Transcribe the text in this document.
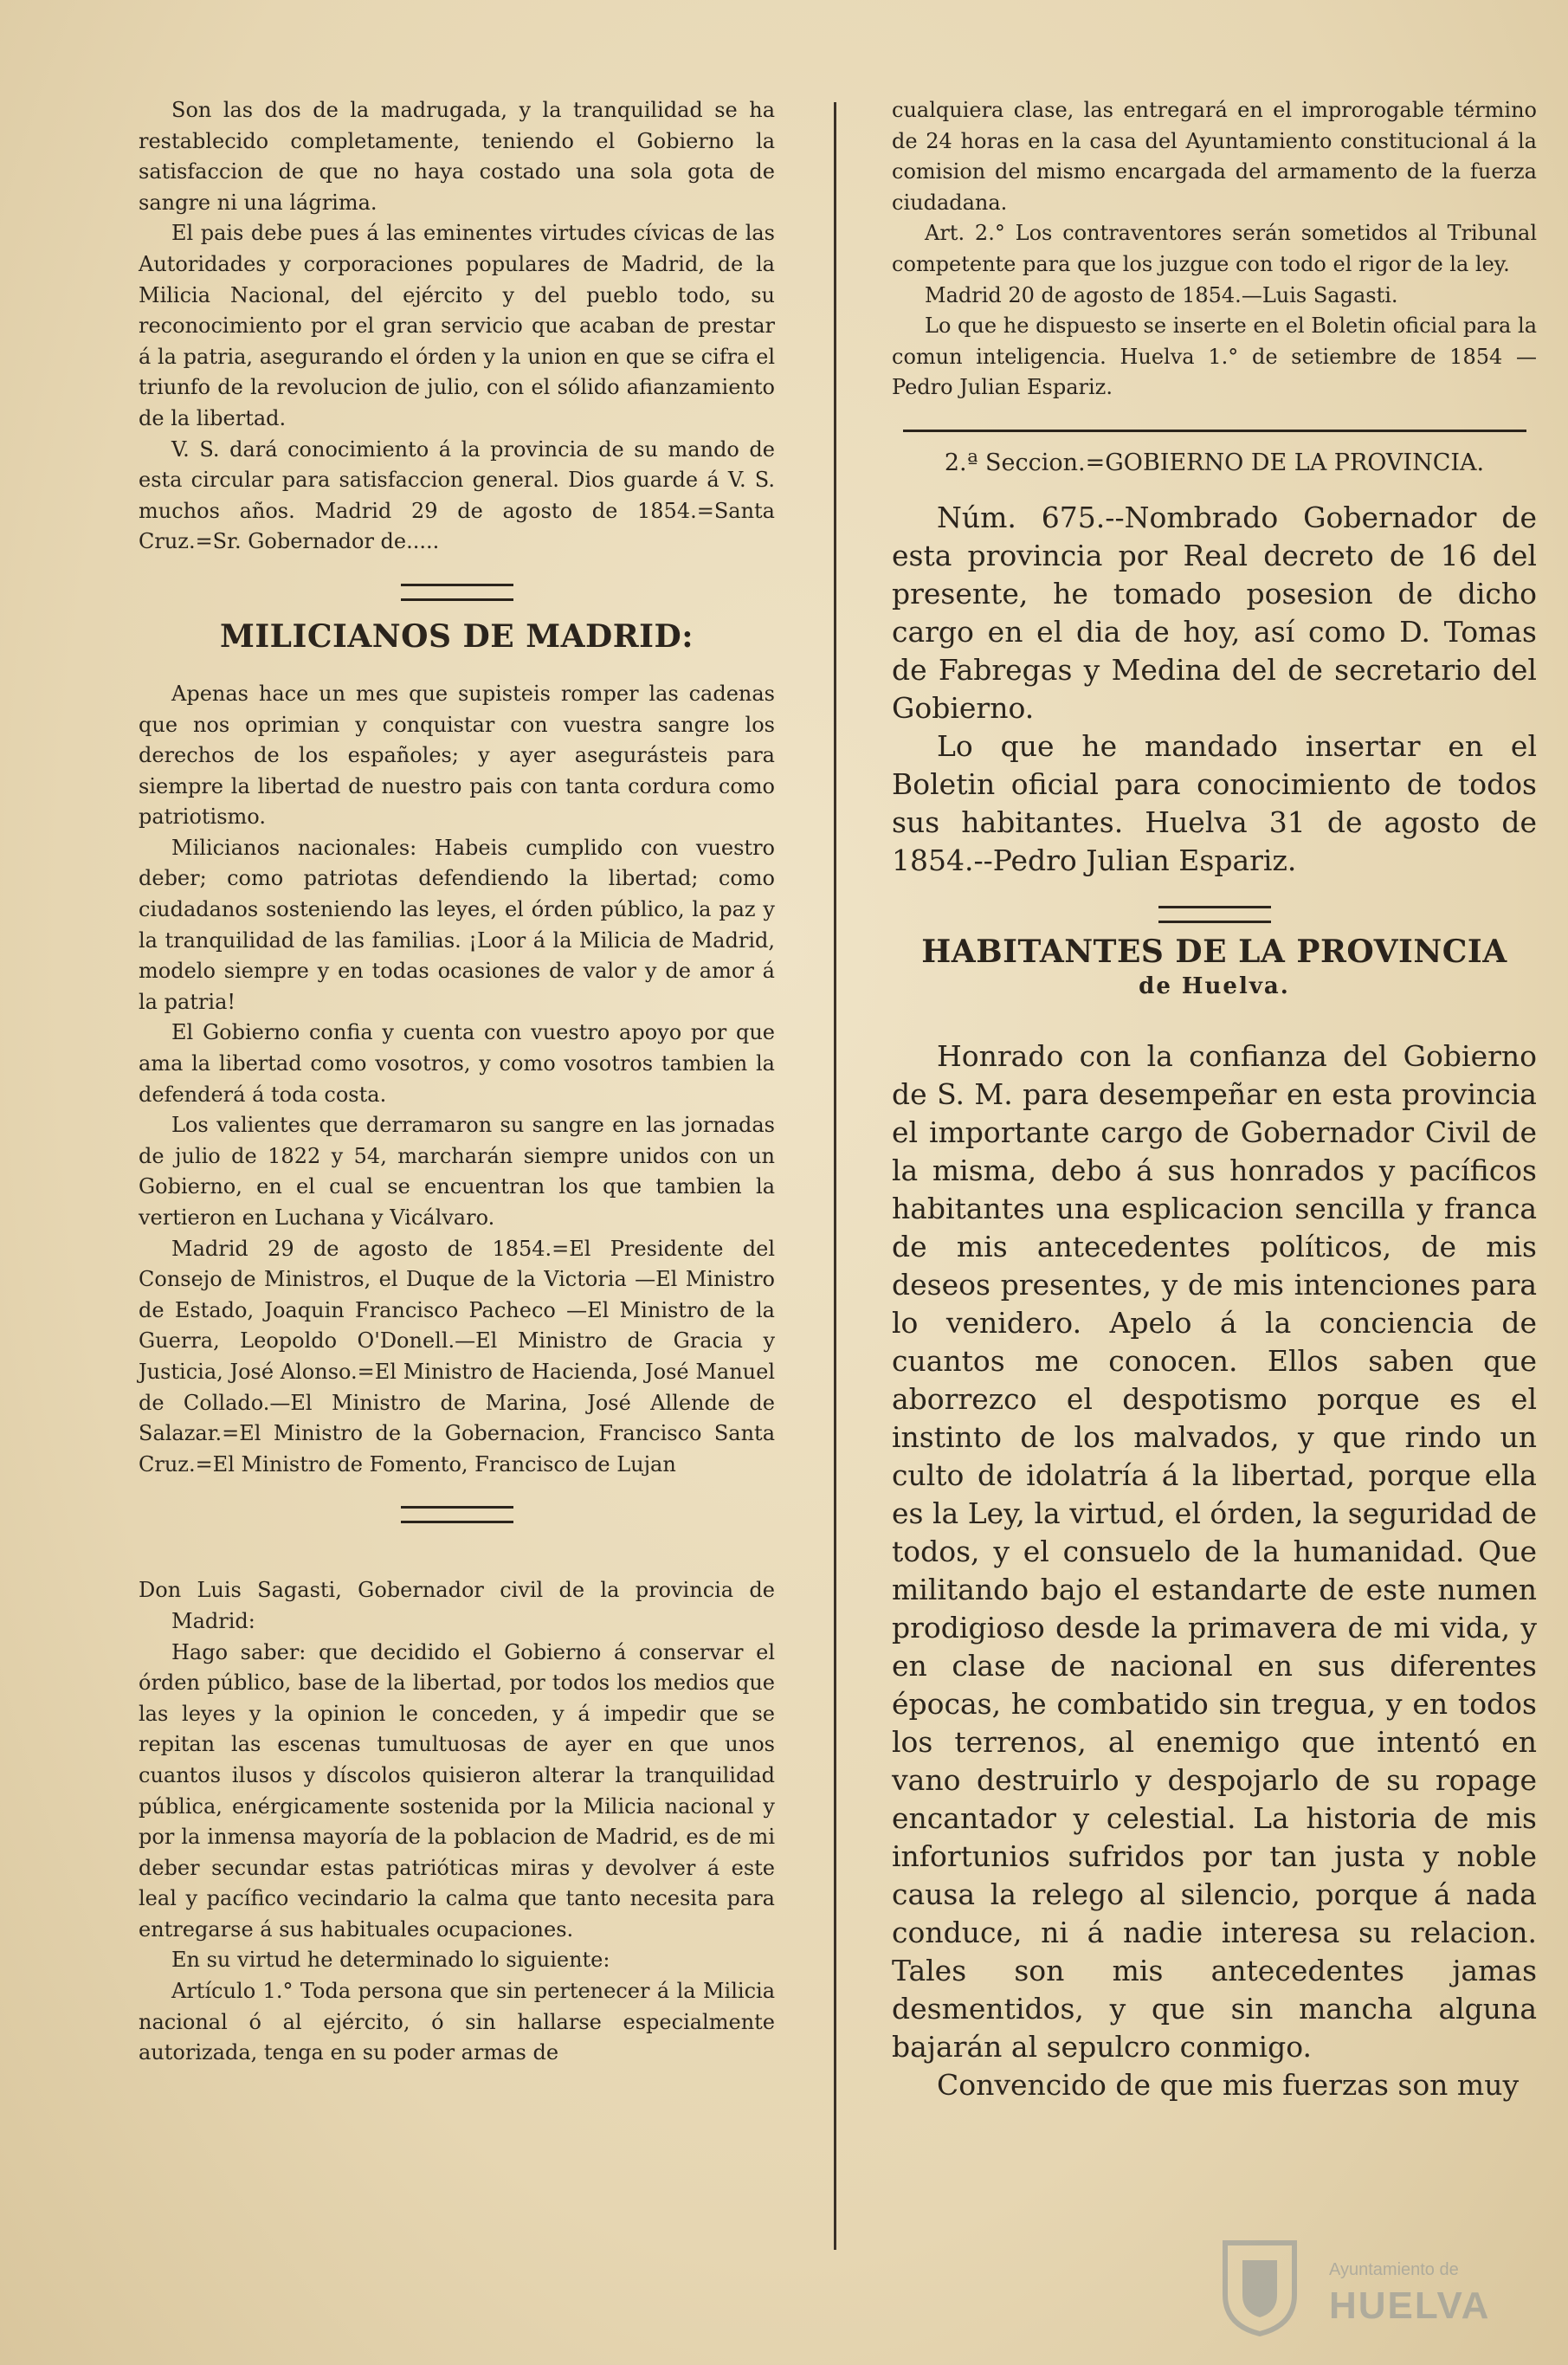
Son las dos de la madrugada, y la tranquilidad se ha restablecido completamente, teniendo el Gobierno la satisfaccion de que no haya costado una sola gota de sangre ni una lágrima.

El pais debe pues á las eminentes virtudes cívicas de las Autoridades y corporaciones populares de Madrid, de la Milicia Nacional, del ejército y del pueblo todo, su reconocimiento por el gran servicio que acaban de prestar á la patria, asegurando el órden y la union en que se cifra el triunfo de la revolucion de julio, con el sólido afianzamiento de la libertad.

V. S. dará conocimiento á la provincia de su mando de esta circular para satisfaccion general. Dios guarde á V. S. muchos años. Madrid 29 de agosto de 1854.=Santa Cruz.=Sr. Gobernador de.....

MILICIANOS DE MADRID:

Apenas hace un mes que supisteis romper las cadenas que nos oprimian y conquistar con vuestra sangre los derechos de los españoles; y ayer asegurásteis para siempre la libertad de nuestro pais con tanta cordura como patriotismo.

Milicianos nacionales: Habeis cumplido con vuestro deber; como patriotas defendiendo la libertad; como ciudadanos sosteniendo las leyes, el órden público, la paz y la tranquilidad de las familias. ¡Loor á la Milicia de Madrid, modelo siempre y en todas ocasiones de valor y de amor á la patria!

El Gobierno confia y cuenta con vuestro apoyo por que ama la libertad como vosotros, y como vosotros tambien la defenderá á toda costa.

Los valientes que derramaron su sangre en las jornadas de julio de 1822 y 54, marcharán siempre unidos con un Gobierno, en el cual se encuentran los que tambien la vertieron en Luchana y Vicálvaro.

Madrid 29 de agosto de 1854.=El Presidente del Consejo de Ministros, el Duque de la Victoria —El Ministro de Estado, Joaquin Francisco Pacheco —El Ministro de la Guerra, Leopoldo O'Donell.—El Ministro de Gracia y Justicia, José Alonso.=El Ministro de Hacienda, José Manuel de Collado.—El Ministro de Marina, José Allende de Salazar.=El Ministro de la Gobernacion, Francisco Santa Cruz.=El Ministro de Fomento, Francisco de Lujan

Don Luis Sagasti, Gobernador civil de la provincia de Madrid:

Hago saber: que decidido el Gobierno á conservar el órden público, base de la libertad, por todos los medios que las leyes y la opinion le conceden, y á impedir que se repitan las escenas tumultuosas de ayer en que unos cuantos ilusos y díscolos quisieron alterar la tranquilidad pública, enérgicamente sostenida por la Milicia nacional y por la inmensa mayoría de la poblacion de Madrid, es de mi deber secundar estas patrióticas miras y devolver á este leal y pacífico vecindario la calma que tanto necesita para entregarse á sus habituales ocupaciones.

En su virtud he determinado lo siguiente:

Artículo 1.° Toda persona que sin pertenecer á la Milicia nacional ó al ejército, ó sin hallarse especialmente autorizada, tenga en su poder armas de

cualquiera clase, las entregará en el improrogable término de 24 horas en la casa del Ayuntamiento constitucional á la comision del mismo encargada del armamento de la fuerza ciudadana.

Art. 2.° Los contraventores serán sometidos al Tribunal competente para que los juzgue con todo el rigor de la ley.

Madrid 20 de agosto de 1854.—Luis Sagasti.

Lo que he dispuesto se inserte en el Boletin oficial para la comun inteligencia. Huelva 1.° de setiembre de 1854 —Pedro Julian Espariz.

2.ª Seccion.=GOBIERNO DE LA PROVINCIA.

Núm. 675.--Nombrado Gobernador de esta provincia por Real decreto de 16 del presente, he tomado posesion de dicho cargo en el dia de hoy, así como D. Tomas de Fabregas y Medina del de secretario del Gobierno.

Lo que he mandado insertar en el Boletin oficial para conocimiento de todos sus habitantes. Huelva 31 de agosto de 1854.--Pedro Julian Espariz.

HABITANTES DE LA PROVINCIA
de Huelva.

Honrado con la confianza del Gobierno de S. M. para desempeñar en esta provincia el importante cargo de Gobernador Civil de la misma, debo á sus honrados y pacíficos habitantes una esplicacion sencilla y franca de mis antecedentes políticos, de mis deseos presentes, y de mis intenciones para lo venidero. Apelo á la conciencia de cuantos me conocen. Ellos saben que aborrezco el despotismo porque es el instinto de los malvados, y que rindo un culto de idolatría á la libertad, porque ella es la Ley, la virtud, el órden, la seguridad de todos, y el consuelo de la humanidad. Que militando bajo el estandarte de este numen prodigioso desde la primavera de mi vida, y en clase de nacional en sus diferentes épocas, he combatido sin tregua, y en todos los terrenos, al enemigo que intentó en vano destruirlo y despojarlo de su ropage encantador y celestial. La historia de mis infortunios sufridos por tan justa y noble causa la relego al silencio, porque á nada conduce, ni á nadie interesa su relacion. Tales son mis antecedentes jamas desmentidos, y que sin mancha alguna bajarán al sepulcro conmigo.

Convencido de que mis fuerzas son muy

Ayuntamiento de
HUELVA
